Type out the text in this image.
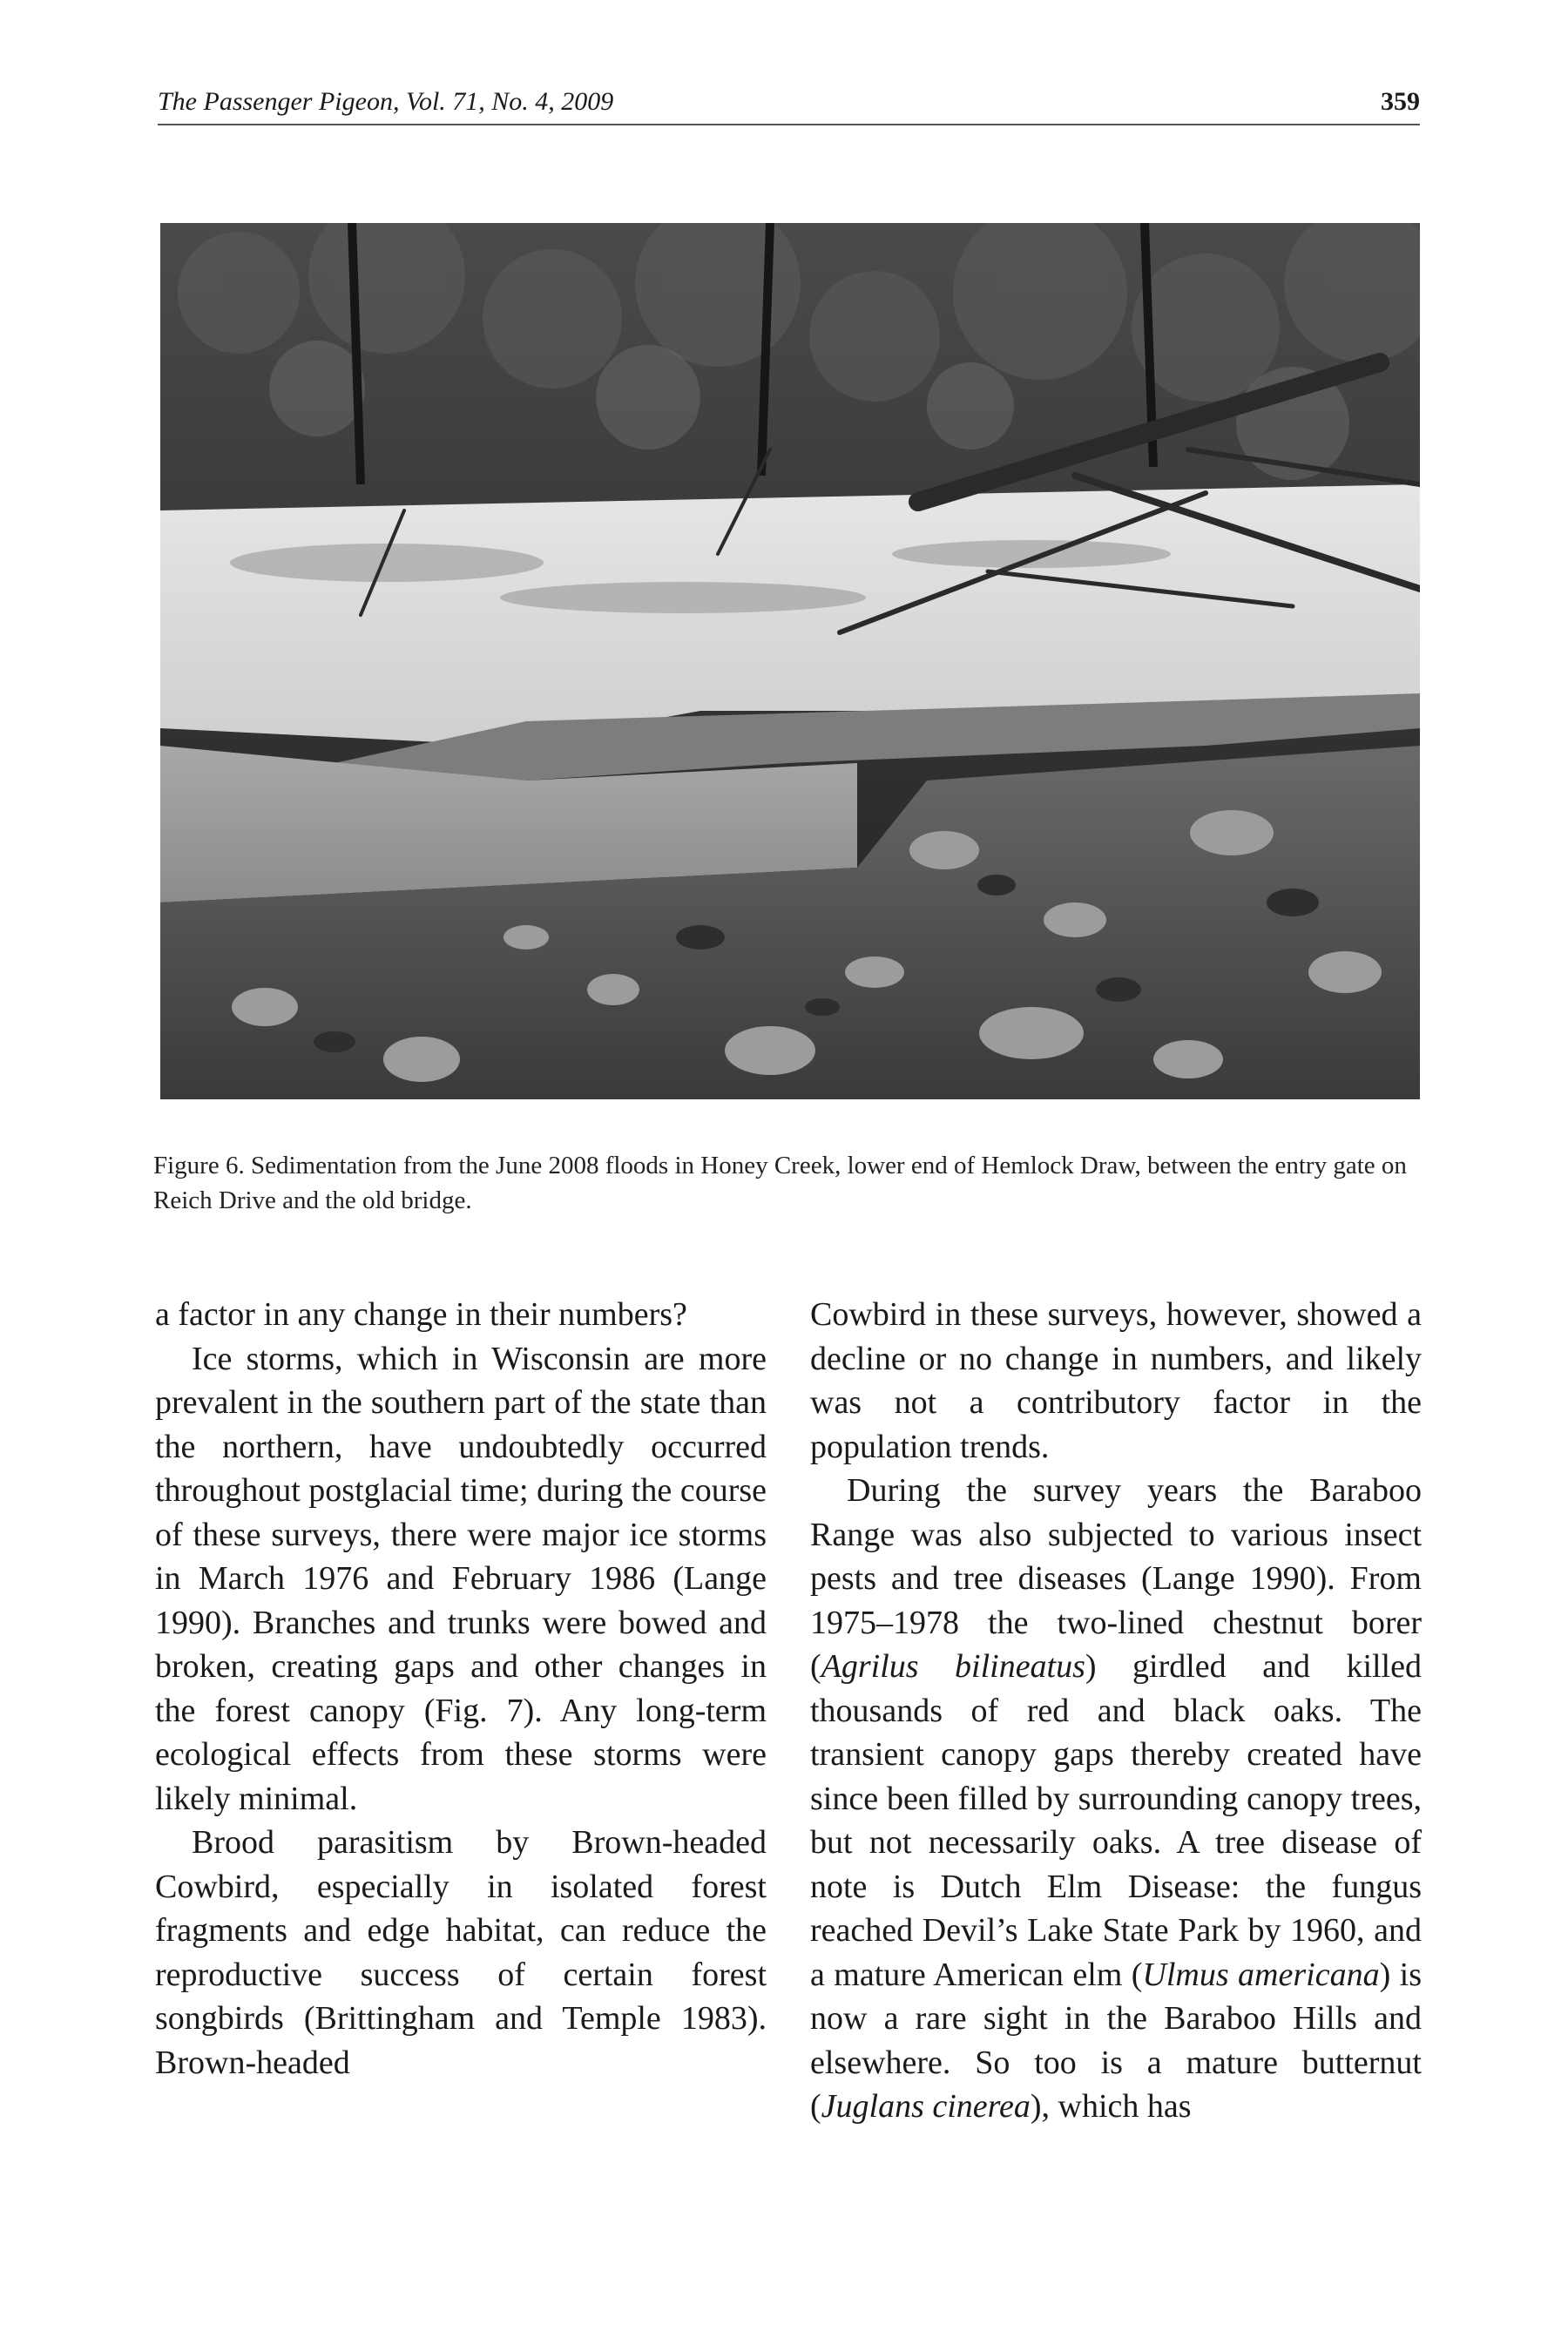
The Passenger Pigeon, Vol. 71, No. 4, 2009	359

Figure 6. Sedimentation from the June 2008 floods in Honey Creek, lower end of Hemlock Draw, between the entry gate on Reich Drive and the old bridge.

a factor in any change in their numbers?

Ice storms, which in Wisconsin are more prevalent in the southern part of the state than the northern, have undoubtedly occurred throughout postglacial time; during the course of these surveys, there were major ice storms in March 1976 and February 1986 (Lange 1990). Branches and trunks were bowed and broken, creating gaps and other changes in the forest canopy (Fig. 7). Any long-term ecological effects from these storms were likely minimal.

Brood parasitism by Brown-headed Cowbird, especially in isolated forest fragments and edge habitat, can reduce the reproductive success of certain forest songbirds (Brittingham and Temple 1983). Brown-headed

Cowbird in these surveys, however, showed a decline or no change in numbers, and likely was not a contributory factor in the population trends.

During the survey years the Baraboo Range was also subjected to various insect pests and tree diseases (Lange 1990). From 1975–1978 the two-lined chestnut borer (Agrilus bilineatus) girdled and killed thousands of red and black oaks. The transient canopy gaps thereby created have since been filled by surrounding canopy trees, but not necessarily oaks. A tree disease of note is Dutch Elm Disease: the fungus reached Devil’s Lake State Park by 1960, and a mature American elm (Ulmus americana) is now a rare sight in the Baraboo Hills and elsewhere. So too is a mature butternut (Juglans cinerea), which has
